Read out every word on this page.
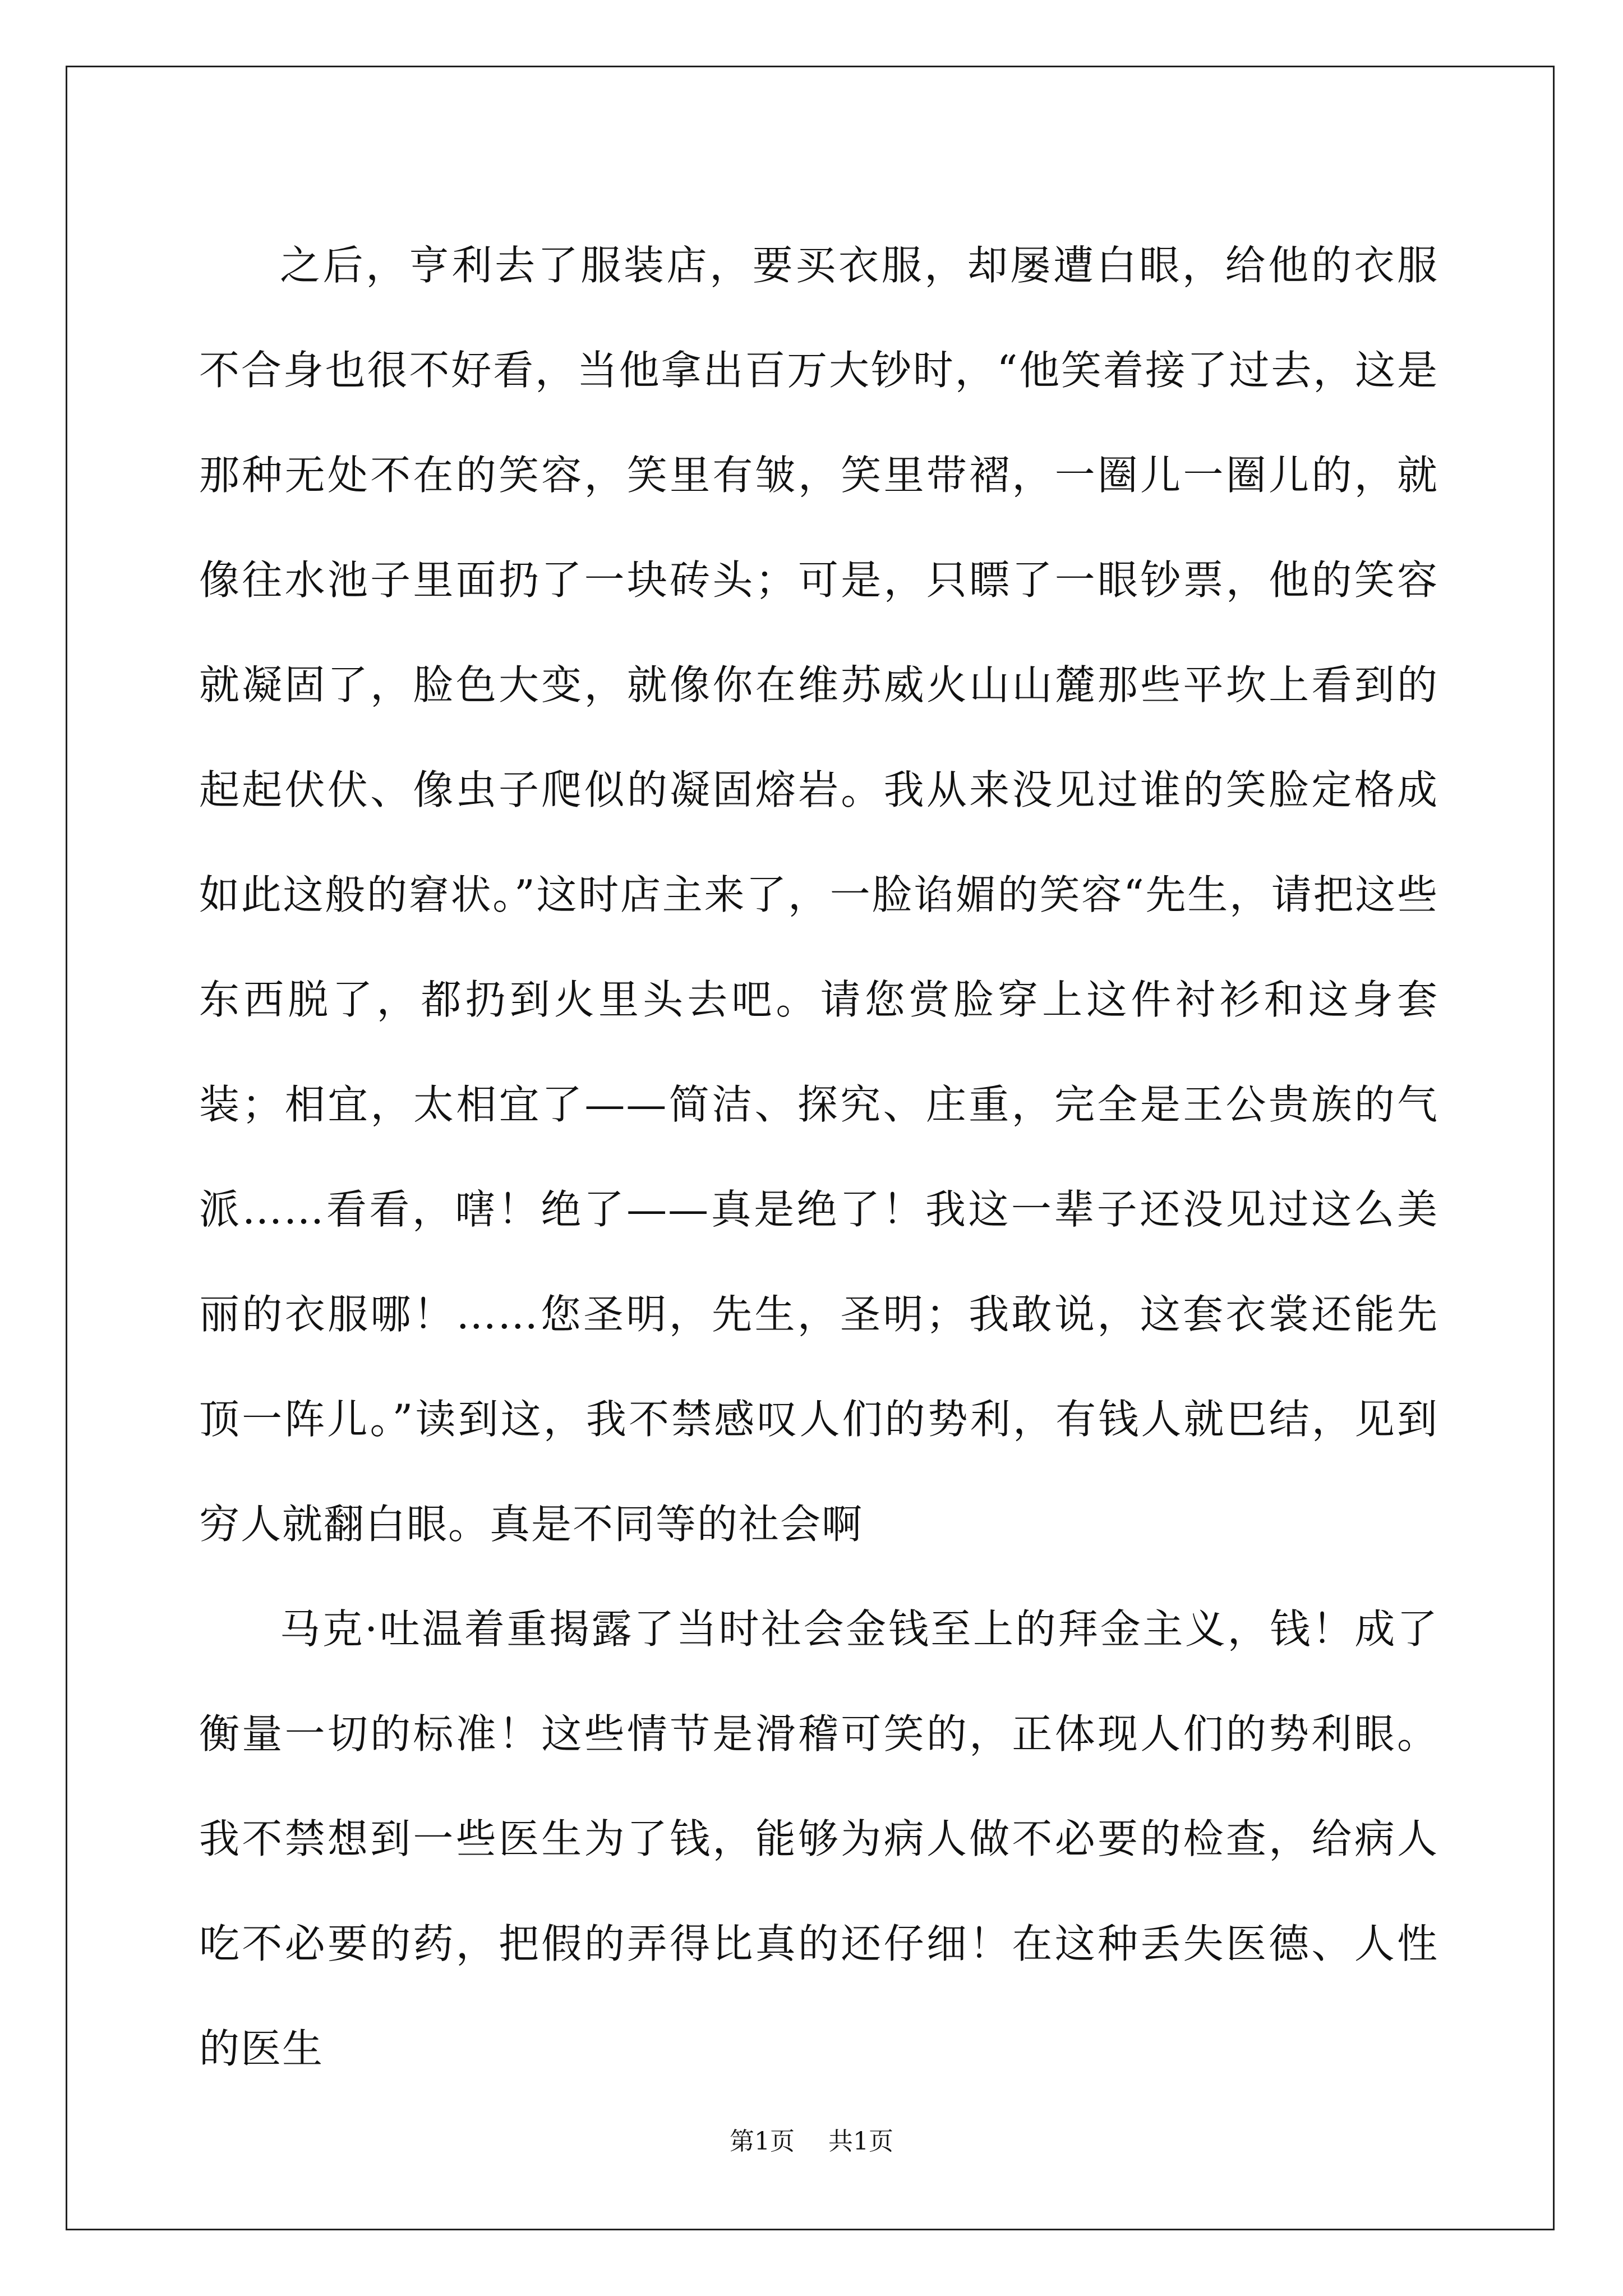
之后，亨利去了服装店，要买衣服，却屡遭白眼，给他的衣服不合身也很不好看，当他拿出百万大钞时，“他笑着接了过去，这是那种无处不在的笑容，笑里有皱，笑里带褶，一圈儿一圈儿的，就像往水池子里面扔了一块砖头；可是，只瞟了一眼钞票，他的笑容就凝固了，脸色大变，就像你在维苏威火山山麓那些平坎上看到的起起伏伏、像虫子爬似的凝固熔岩。我从来没见过谁的笑脸定格成如此这般的窘状。”这时店主来了，一脸谄媚的笑容“先生，请把这些东西脱了，都扔到火里头去吧。请您赏脸穿上这件衬衫和这身套装；相宜，太相宜了——简洁、探究、庄重，完全是王公贵族的气派……看看，嗐！绝了——真是绝了！我这一辈子还没见过这么美丽的衣服哪！……您圣明，先生，圣明；我敢说，这套衣裳还能先顶一阵儿。”读到这，我不禁感叹人们的势利，有钱人就巴结，见到穷人就翻白眼。真是不同等的社会啊

马克·吐温着重揭露了当时社会金钱至上的拜金主义，钱！成了衡量一切的标准！这些情节是滑稽可笑的，正体现人们的势利眼。我不禁想到一些医生为了钱，能够为病人做不必要的检查，给病人吃不必要的药，把假的弄得比真的还仔细！在这种丢失医德、人性的医生

第1页 共1页
